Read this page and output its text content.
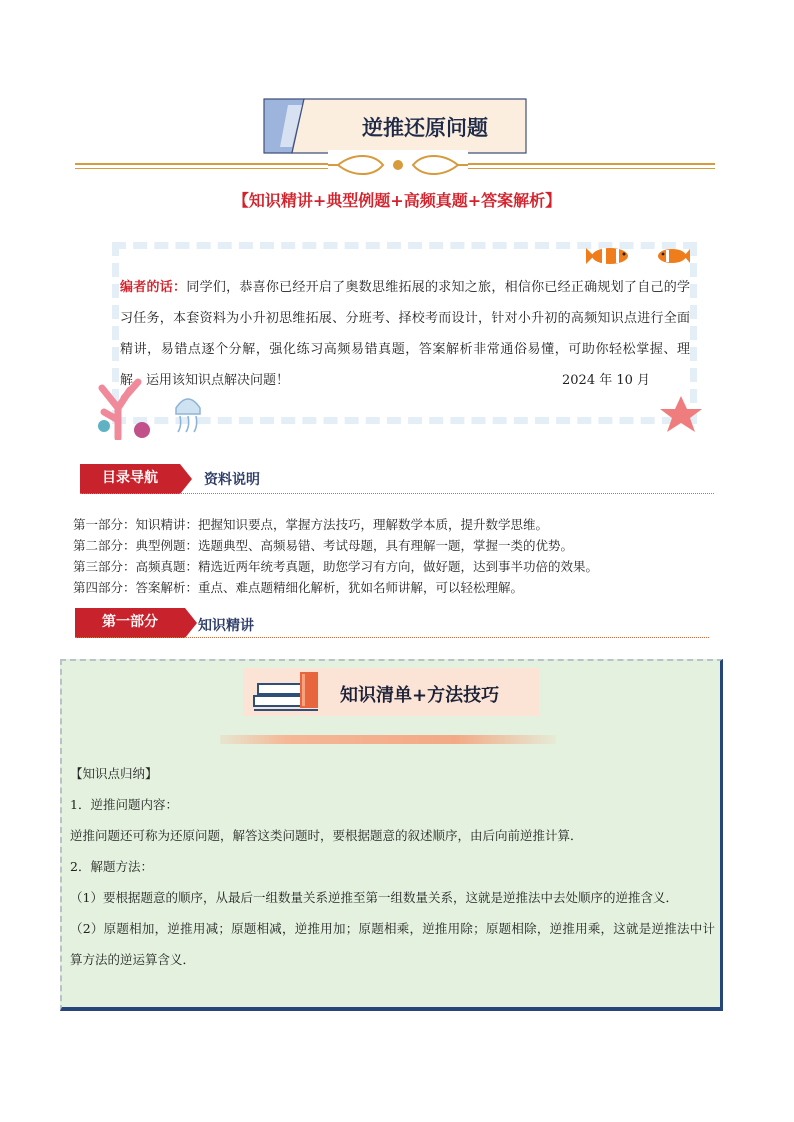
逆推还原问题
【知识精讲+典型例题+高频真题+答案解析】
编者的话：同学们，恭喜你已经开启了奥数思维拓展的求知之旅，相信你已经正确规划了自己的学习任务，本套资料为小升初思维拓展、分班考、择校考而设计，针对小升初的高频知识点进行全面精讲，易错点逐个分解，强化练习高频易错真题，答案解析非常通俗易懂，可助你轻松掌握、理解、运用该知识点解决问题！	2024 年 10 月
目录导航	资料说明
第一部分：知识精讲：把握知识要点，掌握方法技巧，理解数学本质，提升数学思维。
第二部分：典型例题：选题典型、高频易错、考试母题，具有理解一题，掌握一类的优势。
第三部分：高频真题：精选近两年统考真题，助您学习有方向，做好题，达到事半功倍的效果。
第四部分：答案解析：重点、难点题精细化解析，犹如名师讲解，可以轻松理解。
第一部分	知识精讲
知识清单+方法技巧

【知识点归纳】

1．逆推问题内容：

逆推问题还可称为还原问题，解答这类问题时，要根据题意的叙述顺序，由后向前逆推计算．

2．解题方法：

（1）要根据题意的顺序，从最后一组数量关系逆推至第一组数量关系，这就是逆推法中去处顺序的逆推含义．

（2）原题相加，逆推用减；原题相减，逆推用加；原题相乘，逆推用除；原题相除，逆推用乘，这就是逆推法中计算方法的逆运算含义．
